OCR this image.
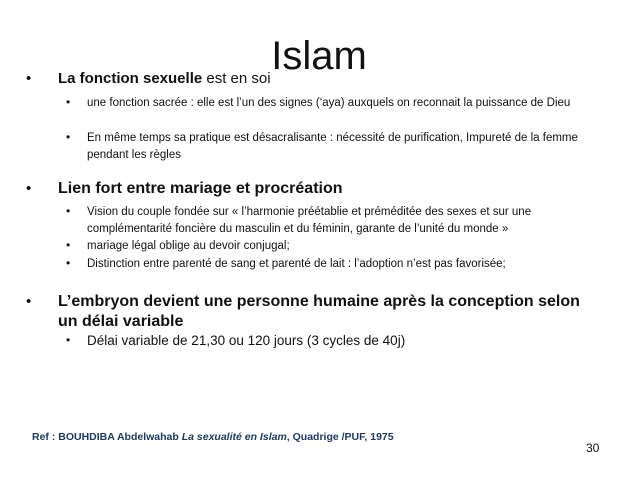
Islam
• La fonction sexuelle est en soi
• une fonction sacrée : elle est l’un des signes (‘aya) auxquels on reconnait la puissance de Dieu
• En même temps sa pratique est désacralisante : nécessité de purification, Impureté de la femme pendant les règles
• Lien fort entre mariage et procréation
• Vision du couple fondée sur « l’harmonie préétablie et préméditée des sexes et sur une complémentarité foncière du masculin et du féminin, garante de l’unité du monde »
• mariage légal oblige au devoir conjugal;
• Distinction entre parenté de sang et parenté de lait : l’adoption n’est pas favorisée;
• L’embryon devient une personne humaine après la conception selon un délai variable
• Délai variable de 21,30 ou 120 jours (3 cycles de 40j)
Ref : BOUHDIBA Abdelwahab La sexualité en Islam, Quadrige /PUF, 1975
30
